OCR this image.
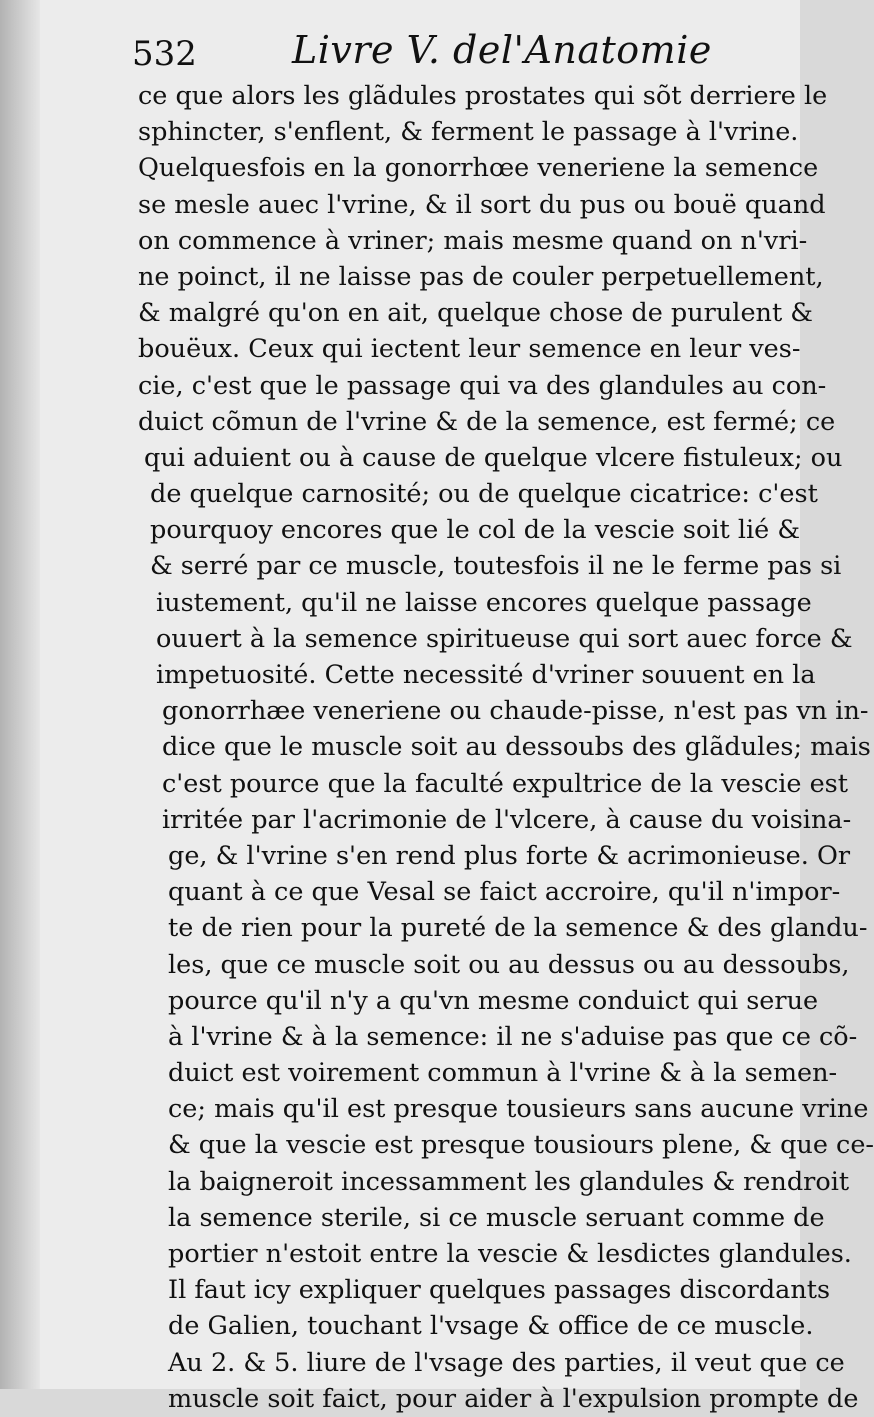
532	Livre V. del'Anatomie
ce que alors les glãdules prostates qui sõt derriere le
sphincter, s'enflent, & ferment le passage à l'vrine.
Quelquesfois en la gonorrhœe veneriene la semence
se mesle auec l'vrine, & il sort du pus ou bouë quand
on commence à vriner; mais mesme quand on n'vri-
ne poinct, il ne laisse pas de couler perpetuellement,
& malgré qu'on en ait, quelque chose de purulent &
bouëux. Ceux qui iectent leur semence en leur ves-
cie, c'est que le passage qui va des glandules au con-
duict cõmun de l'vrine & de la semence, est fermé; ce
qui aduient ou à cause de quelque vlcere fistuleux; ou
de quelque carnosité; ou de quelque cicatrice: c'est
pourquoy encores que le col de la vescie soit lié &
& serré par ce muscle, toutesfois il ne le ferme pas si
iustement, qu'il ne laisse encores quelque passage
ouuert à la semence spiritueuse qui sort auec force &
impetuosité. Cette necessité d'vriner souuent en la
gonorrhæe veneriene ou chaude-pisse, n'est pas vn in-
dice que le muscle soit au dessoubs des glãdules; mais
c'est pource que la faculté expultrice de la vescie est
irritée par l'acrimonie de l'vlcere, à cause du voisina-
ge, & l'vrine s'en rend plus forte & acrimonieuse. Or
quant à ce que Vesal se faict accroire, qu'il n'impor-
te de rien pour la pureté de la semence & des glandu-
les, que ce muscle soit ou au dessus ou au dessoubs,
pource qu'il n'y a qu'vn mesme conduict qui serue
à l'vrine & à la semence: il ne s'aduise pas que ce cõ-
duict est voirement commun à l'vrine & à la semen-
ce; mais qu'il est presque tousieurs sans aucune vrine
& que la vescie est presque tousiours plene, & que ce-
la baigneroit incessamment les glandules & rendroit
la semence sterile, si ce muscle seruant comme de
portier n'estoit entre la vescie & lesdictes glandules.
Il faut icy expliquer quelques passages discordants
de Galien, touchant l'vsage & office de ce muscle.
Au 2. & 5. liure de l'vsage des parties, il veut que ce
muscle soit faict, pour aider à l'expulsion prompte de
